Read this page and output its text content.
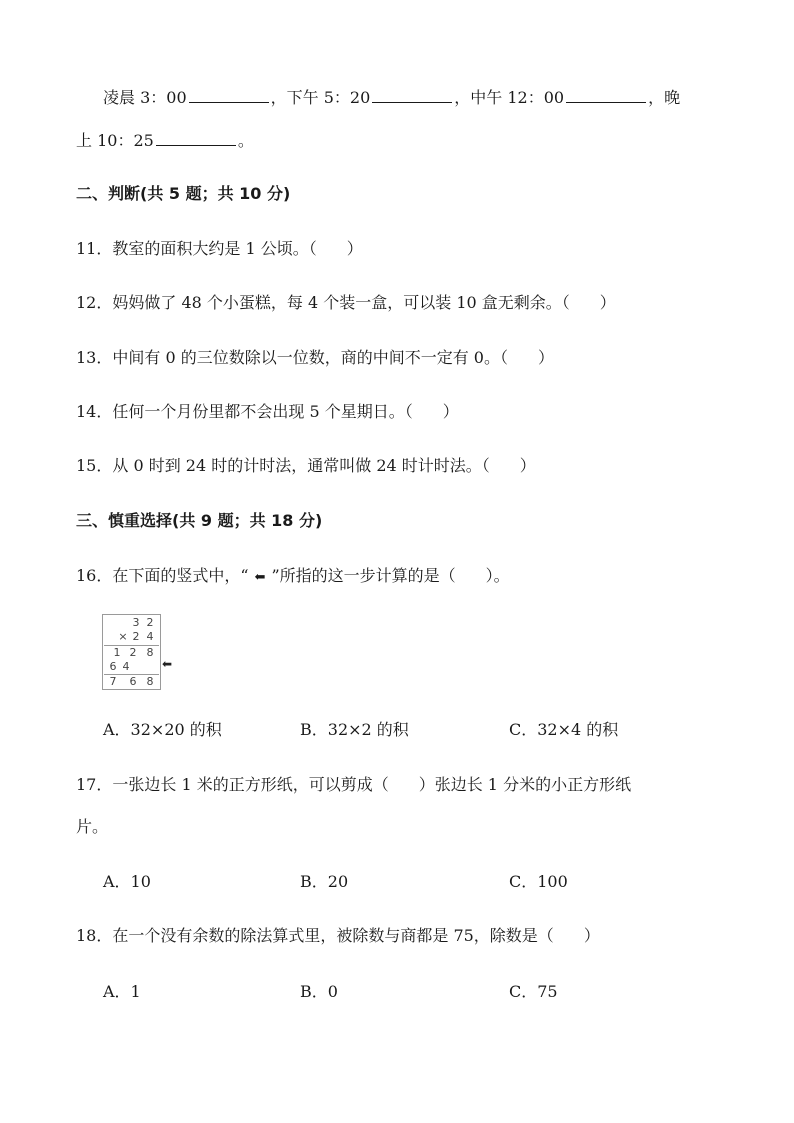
凌晨 3：00	，下午 5：20	，中午 12：00	，晚
上 10：25	。
二、判断(共 5 题；共 10 分)
11．教室的面积大约是 1 公顷。（ ）
12．妈妈做了 48 个小蛋糕，每 4 个装一盒，可以装 10 盒无剩余。（ ）
13．中间有 0 的三位数除以一位数，商的中间不一定有 0。（ ）
14．任何一个月份里都不会出现 5 个星期日。（ ）
15．从 0 时到 24 时的计时法，通常叫做 24 时计时法。（ ）
三、慎重选择(共 9 题；共 18 分)
16．在下面的竖式中，“ ⬅ ”所指的这一步计算的是（ ）。
3 2
× 2 4
1 2 8
6 4
7 6 8
⬅
A．32×20 的积	B．32×2 的积	C．32×4 的积
17．一张边长 1 米的正方形纸，可以剪成（ ）张边长 1 分米的小正方形纸
片。
A．10	B．20	C．100
18．在一个没有余数的除法算式里，被除数与商都是 75，除数是（ ）
A．1	B．0	C．75
